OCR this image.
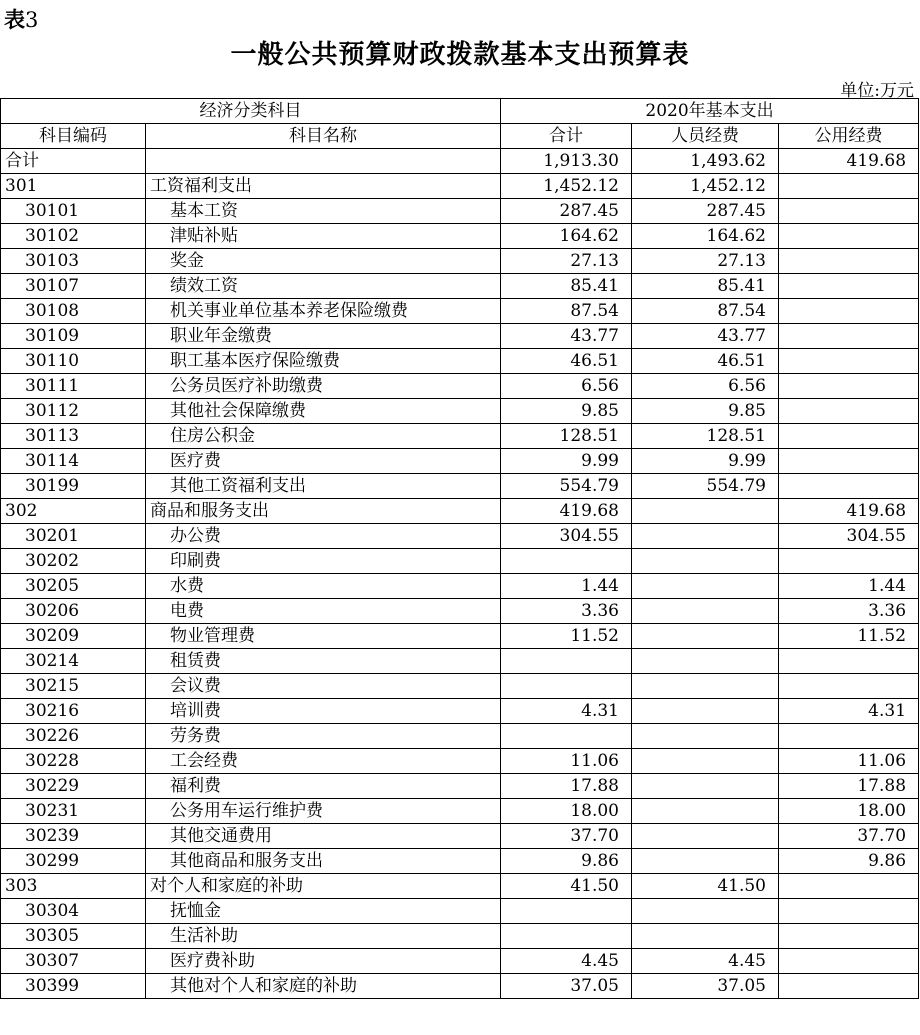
表3
一般公共预算财政拨款基本支出预算表
单位:万元
经济分类科目		2020年基本支出		
科目编码	科目名称	合计	人员经费	公用经费
合计		1,913.30	1,493.62	419.68
301	工资福利支出	1,452.12	1,452.12	
30101	基本工资	287.45	287.45	
30102	津贴补贴	164.62	164.62	
30103	奖金	27.13	27.13	
30107	绩效工资	85.41	85.41	
30108	机关事业单位基本养老保险缴费	87.54	87.54	
30109	职业年金缴费	43.77	43.77	
30110	职工基本医疗保险缴费	46.51	46.51	
30111	公务员医疗补助缴费	6.56	6.56	
30112	其他社会保障缴费	9.85	9.85	
30113	住房公积金	128.51	128.51	
30114	医疗费	9.99	9.99	
30199	其他工资福利支出	554.79	554.79	
302	商品和服务支出	419.68		419.68
30201	办公费	304.55		304.55
30202	印刷费			
30205	水费	1.44		1.44
30206	电费	3.36		3.36
30209	物业管理费	11.52		11.52
30214	租赁费			
30215	会议费			
30216	培训费	4.31		4.31
30226	劳务费			
30228	工会经费	11.06		11.06
30229	福利费	17.88		17.88
30231	公务用车运行维护费	18.00		18.00
30239	其他交通费用	37.70		37.70
30299	其他商品和服务支出	9.86		9.86
303	对个人和家庭的补助	41.50	41.50	
30304	抚恤金			
30305	生活补助			
30307	医疗费补助	4.45	4.45	
30399	其他对个人和家庭的补助	37.05	37.05	
